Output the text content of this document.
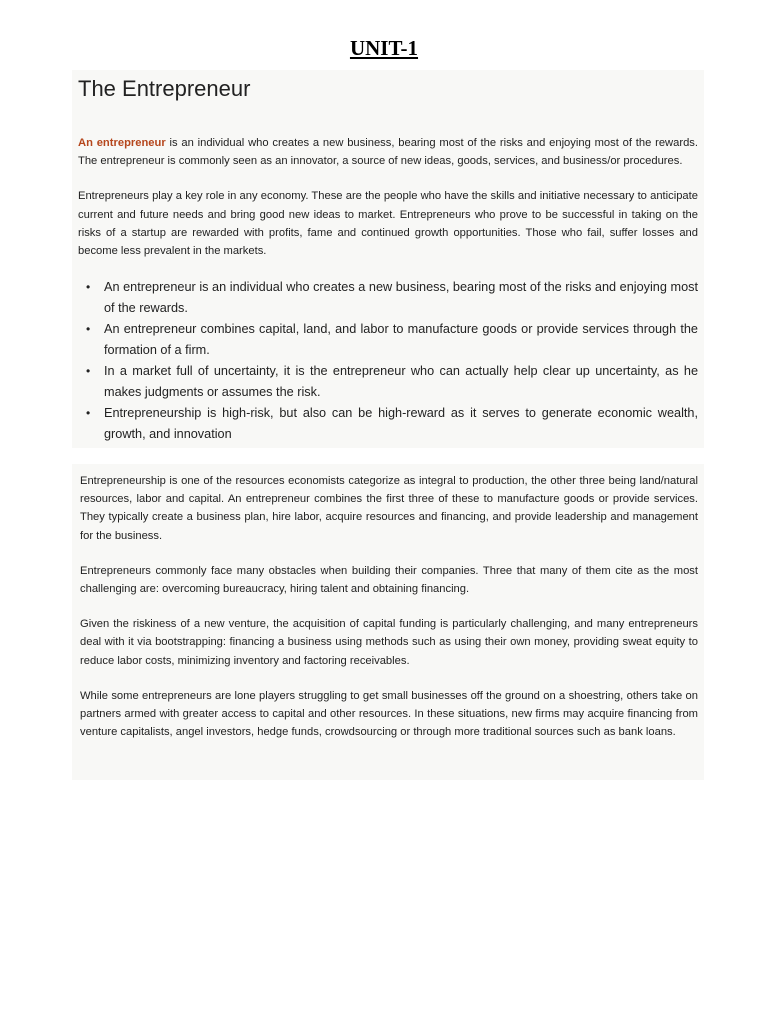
UNIT-1
The Entrepreneur

An entrepreneur is an individual who creates a new business, bearing most of the risks and enjoying most of the rewards. The entrepreneur is commonly seen as an innovator, a source of new ideas, goods, services, and business/or procedures.

Entrepreneurs play a key role in any economy. These are the people who have the skills and initiative necessary to anticipate current and future needs and bring good new ideas to market. Entrepreneurs who prove to be successful in taking on the risks of a startup are rewarded with profits, fame and continued growth opportunities. Those who fail, suffer losses and become less prevalent in the markets.

• An entrepreneur is an individual who creates a new business, bearing most of the risks and enjoying most of the rewards.
• An entrepreneur combines capital, land, and labor to manufacture goods or provide services through the formation of a firm.
• In a market full of uncertainty, it is the entrepreneur who can actually help clear up uncertainty, as he makes judgments or assumes the risk.
• Entrepreneurship is high-risk, but also can be high-reward as it serves to generate economic wealth, growth, and innovation

Entrepreneurship is one of the resources economists categorize as integral to production, the other three being land/natural resources, labor and capital. An entrepreneur combines the first three of these to manufacture goods or provide services. They typically create a business plan, hire labor, acquire resources and financing, and provide leadership and management for the business.

Entrepreneurs commonly face many obstacles when building their companies. Three that many of them cite as the most challenging are: overcoming bureaucracy, hiring talent and obtaining financing.

Given the riskiness of a new venture, the acquisition of capital funding is particularly challenging, and many entrepreneurs deal with it via bootstrapping: financing a business using methods such as using their own money, providing sweat equity to reduce labor costs, minimizing inventory and factoring receivables.

While some entrepreneurs are lone players struggling to get small businesses off the ground on a shoestring, others take on partners armed with greater access to capital and other resources. In these situations, new firms may acquire financing from venture capitalists, angel investors, hedge funds, crowdsourcing or through more traditional sources such as bank loans.
